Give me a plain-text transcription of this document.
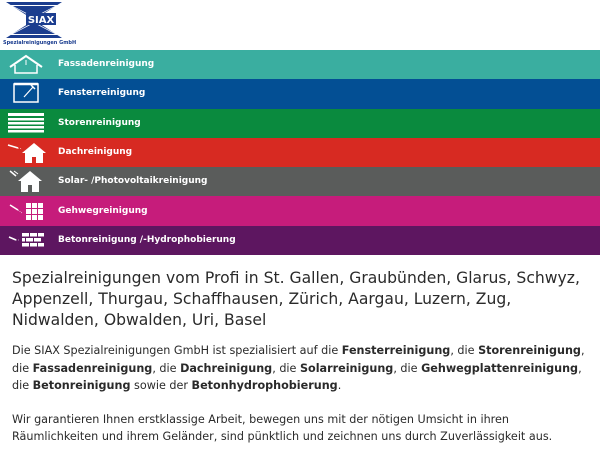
SIAX
Spezialreinigungen GmbH
Fassadenreinigung
Fensterreinigung
Storenreinigung
Dachreinigung
Solar- /Photovoltaikreinigung
Gehwegreinigung
Betonreinigung /-Hydrophobierung
Spezialreinigungen vom Profi in St. Gallen, Graubünden, Glarus, Schwyz, Appenzell, Thurgau, Schaffhausen, Zürich, Aargau, Luzern, Zug, Nidwalden, Obwalden, Uri, Basel

Die SIAX Spezialreinigungen GmbH ist spezialisiert auf die Fensterreinigung, die Storenreinigung, die Fassadenreinigung, die Dachreinigung, die Solarreinigung, die Gehwegplattenreinigung, die Betonreinigung sowie der Betonhydrophobierung.

Wir garantieren Ihnen erstklassige Arbeit, bewegen uns mit der nötigen Umsicht in ihren Räumlichkeiten und ihrem Geländer, sind pünktlich und zeichnen uns durch Zuverlässigkeit aus.
